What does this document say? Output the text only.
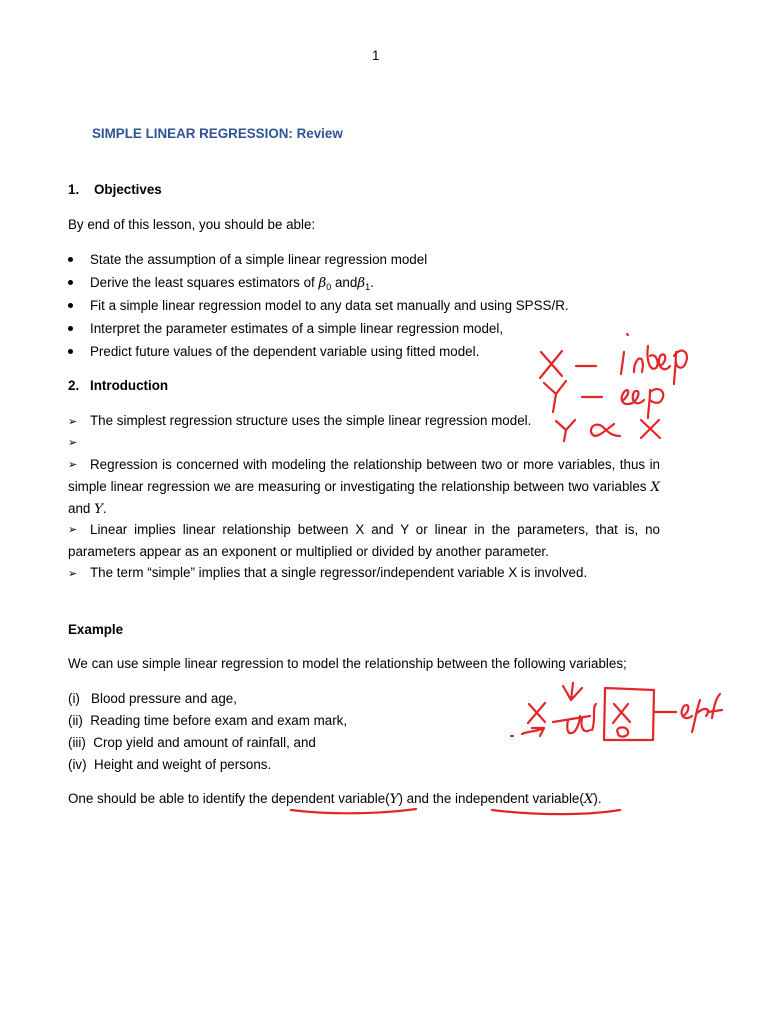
1
SIMPLE LINEAR REGRESSION: Review
1. Objectives
By end of this lesson, you should be able:
State the assumption of a simple linear regression model
Derive the least squares estimators of $\beta_0$ andβ$_1$.
Fit a simple linear regression model to any data set manually and using SPSS/R.
Interpret the parameter estimates of a simple linear regression model,
Predict future values of the dependent variable using fitted model.
2. Introduction
➢ The simplest regression structure uses the simple linear regression model.
➢
Regression is concerned with modeling the relationship between two or more variables, thus in simple linear regression we are measuring or investigating the relationship between two variables X and Y.
➢
Linear implies linear relationship between X and Y or linear in the parameters, that is, no parameters appear as an exponent or multiplied or divided by another parameter.
➢
➢ The term “simple” implies that a single regressor/independent variable X is involved.
Example
We can use simple linear regression to model the relationship between the following variables;
(i)   Blood pressure and age,
(ii)  Reading time before exam and exam mark,
(iii)  Crop yield and amount of rainfall, and
(iv)  Height and weight of persons.
One should be able to identify the dependent variable(Y) and the independent variable(X).
